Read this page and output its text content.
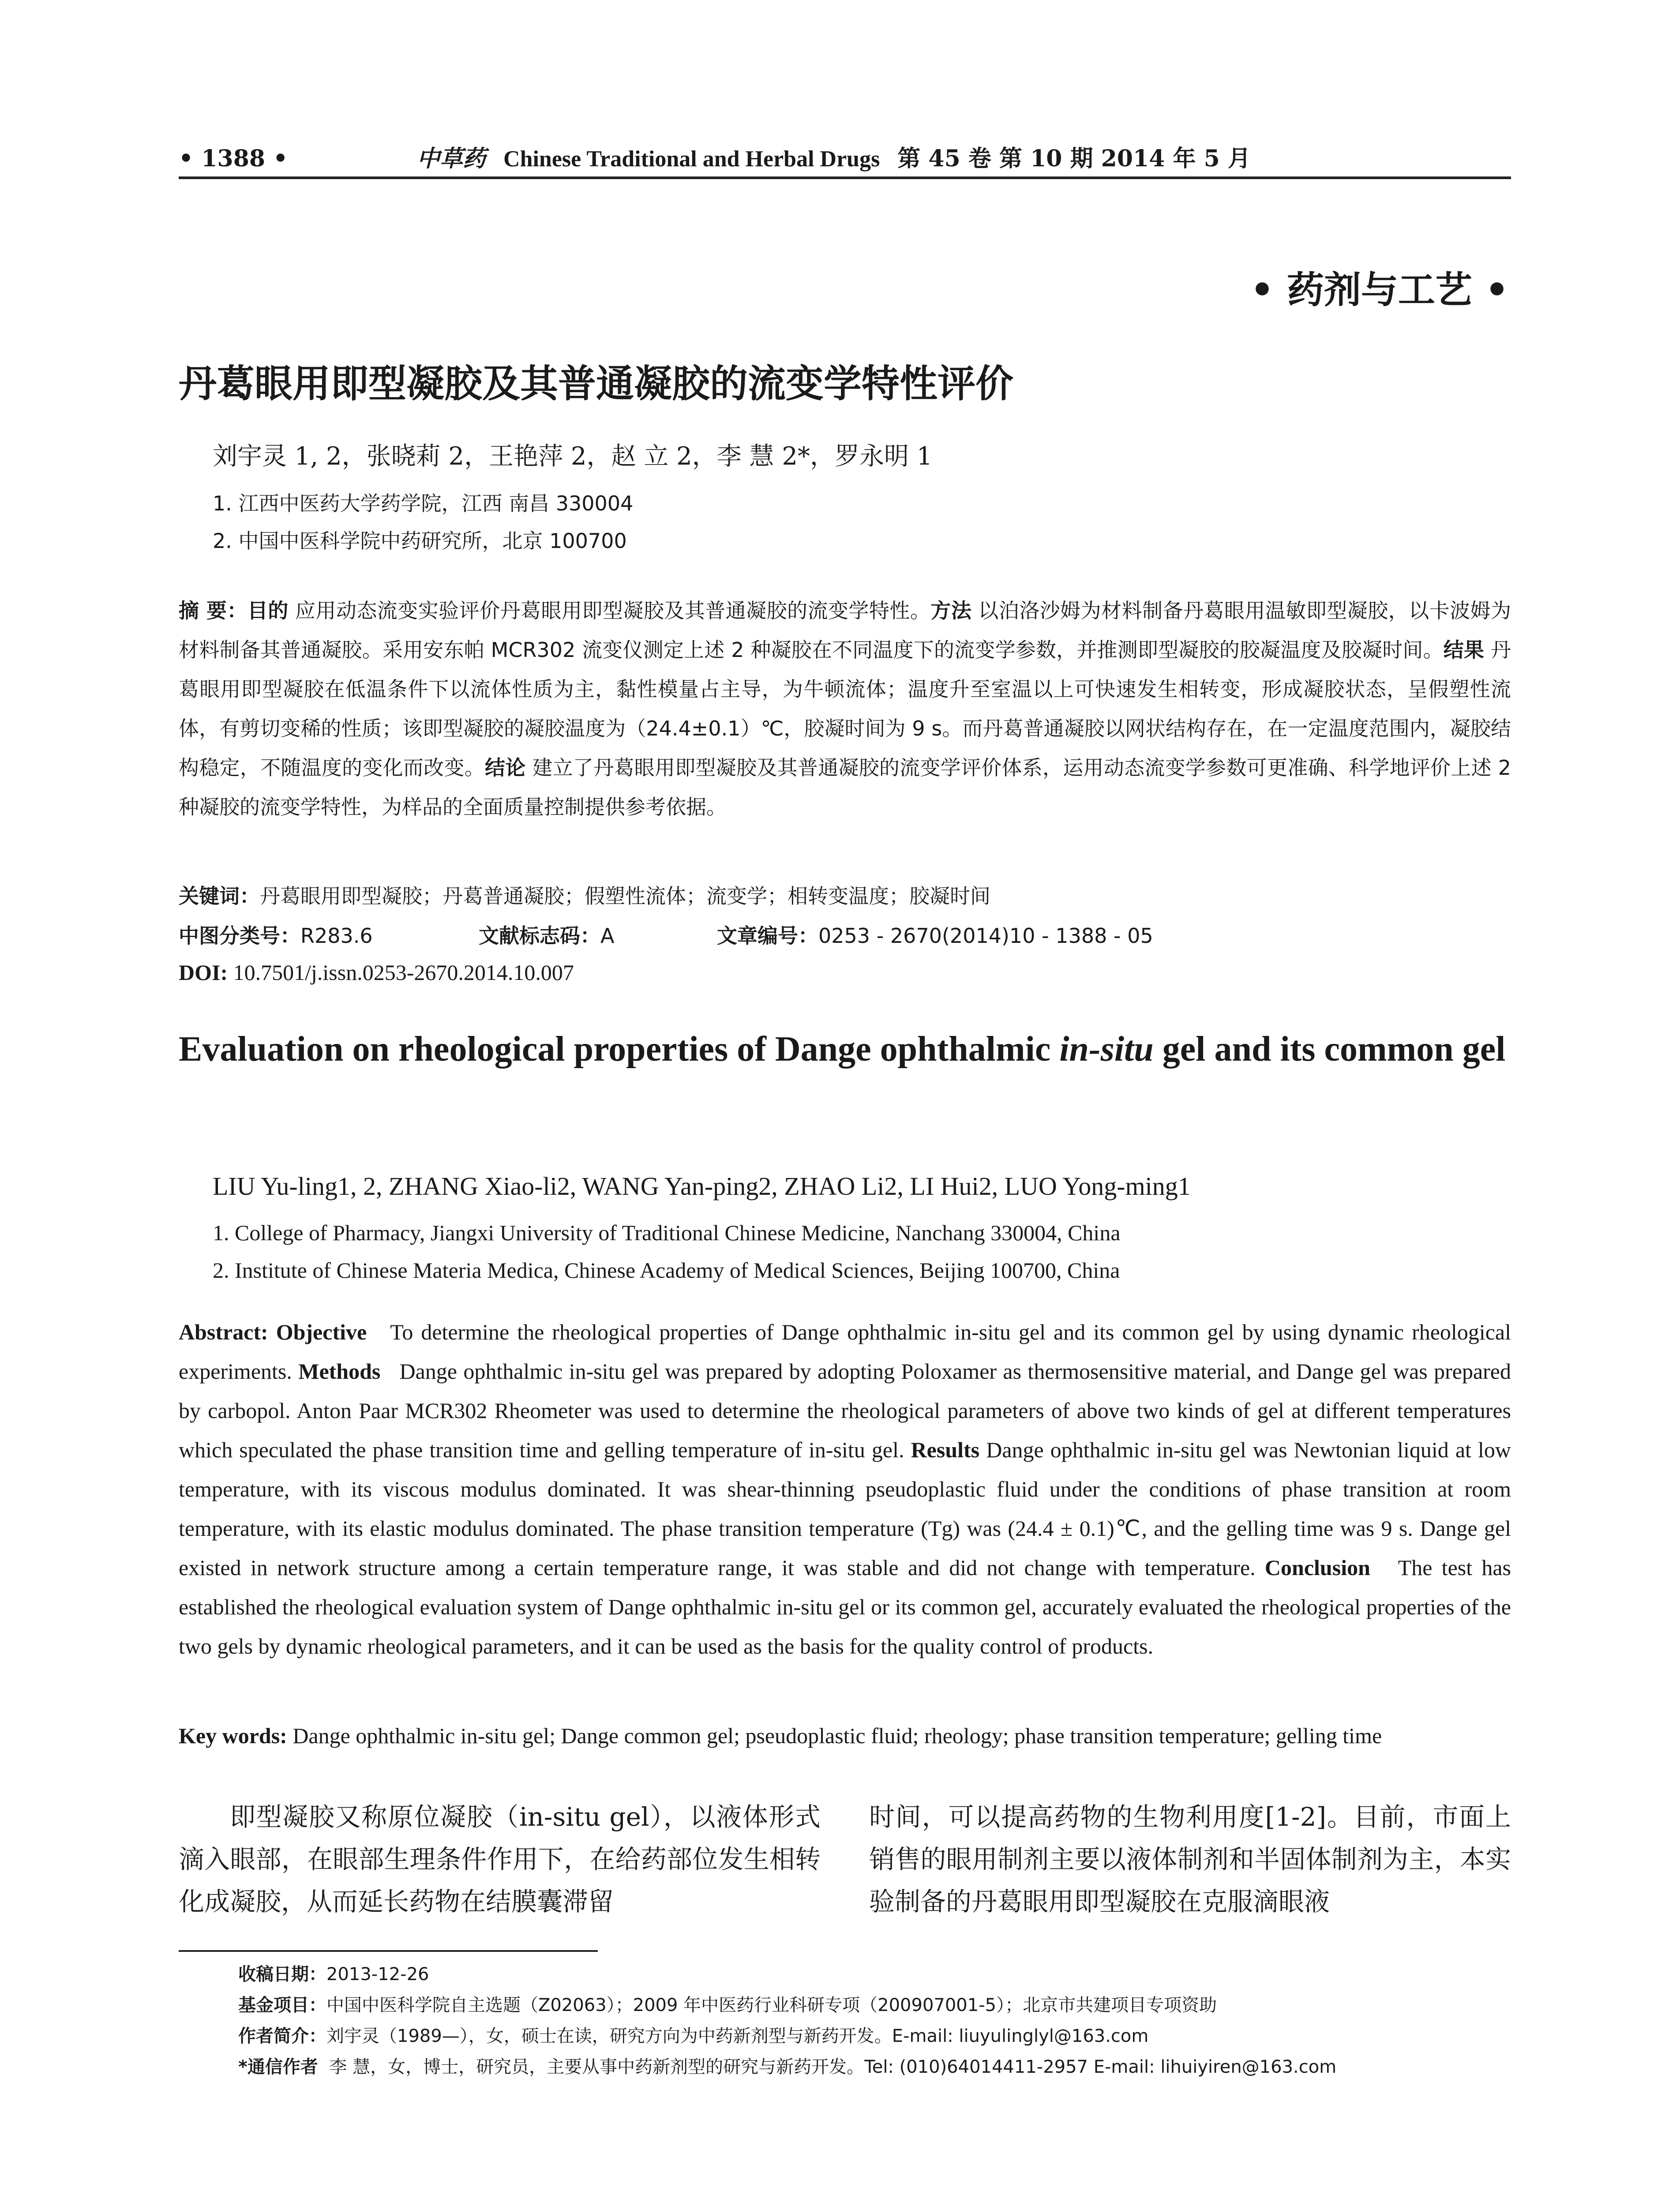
• 1388 •	中草药 Chinese Traditional and Herbal Drugs 第 45 卷 第 10 期 2014 年 5 月
• 药剂与工艺 •
丹葛眼用即型凝胶及其普通凝胶的流变学特性评价
刘宇灵 1, 2，张晓莉 2，王艳萍 2，赵 立 2，李 慧 2*，罗永明 1
1. 江西中医药大学药学院，江西 南昌 330004
2. 中国中医科学院中药研究所，北京 100700

摘 要：目的 应用动态流变实验评价丹葛眼用即型凝胶及其普通凝胶的流变学特性。方法 以泊洛沙姆为材料制备丹葛眼用温敏即型凝胶，以卡波姆为材料制备其普通凝胶。采用安东帕 MCR302 流变仪测定上述 2 种凝胶在不同温度下的流变学参数，并推测即型凝胶的胶凝温度及胶凝时间。结果 丹葛眼用即型凝胶在低温条件下以流体性质为主，黏性模量占主导，为牛顿流体；温度升至室温以上可快速发生相转变，形成凝胶状态，呈假塑性流体，有剪切变稀的性质；该即型凝胶的凝胶温度为（24.4±0.1）℃，胶凝时间为 9 s。而丹葛普通凝胶以网状结构存在，在一定温度范围内，凝胶结构稳定，不随温度的变化而改变。结论 建立了丹葛眼用即型凝胶及其普通凝胶的流变学评价体系，运用动态流变学参数可更准确、科学地评价上述 2 种凝胶的流变学特性，为样品的全面质量控制提供参考依据。

关键词：丹葛眼用即型凝胶；丹葛普通凝胶；假塑性流体；流变学；相转变温度；胶凝时间
中图分类号：R283.6	文献标志码：A	文章编号：0253 - 2670(2014)10 - 1388 - 05
DOI: 10.7501/j.issn.0253-2670.2014.10.007
Evaluation on rheological properties of Dange ophthalmic in-situ gel and its common gel
LIU Yu-ling1, 2, ZHANG Xiao-li2, WANG Yan-ping2, ZHAO Li2, LI Hui2, LUO Yong-ming1
1. College of Pharmacy, Jiangxi University of Traditional Chinese Medicine, Nanchang 330004, China
2. Institute of Chinese Materia Medica, Chinese Academy of Medical Sciences, Beijing 100700, China
Abstract: Objective To determine the rheological properties of Dange ophthalmic in-situ gel and its common gel by using dynamic rheological experiments. Methods Dange ophthalmic in-situ gel was prepared by adopting Poloxamer as thermosensitive material, and Dange gel was prepared by carbopol. Anton Paar MCR302 Rheometer was used to determine the rheological parameters of above two kinds of gel at different temperatures which speculated the phase transition time and gelling temperature of in-situ gel. Results Dange ophthalmic in-situ gel was Newtonian liquid at low temperature, with its viscous modulus dominated. It was shear-thinning pseudoplastic fluid under the conditions of phase transition at room temperature, with its elastic modulus dominated. The phase transition temperature (Tg) was (24.4 ± 0.1)℃, and the gelling time was 9 s. Dange gel existed in network structure among a certain temperature range, it was stable and did not change with temperature. Conclusion The test has established the rheological evaluation system of Dange ophthalmic in-situ gel or its common gel, accurately evaluated the rheological properties of the two gels by dynamic rheological parameters, and it can be used as the basis for the quality control of products.
Key words: Dange ophthalmic in-situ gel; Dange common gel; pseudoplastic fluid; rheology; phase transition temperature; gelling time

即型凝胶又称原位凝胶（in-situ gel），以液体形式滴入眼部，在眼部生理条件作用下，在给药部位发生相转化成凝胶，从而延长药物在结膜囊滞留

时间，可以提高药物的生物利用度[1-2]。目前，市面上销售的眼用制剂主要以液体制剂和半固体制剂为主，本实验制备的丹葛眼用即型凝胶在克服滴眼液

收稿日期：2013-12-26
基金项目：中国中医科学院自主选题（Z02063）；2009 年中医药行业科研专项（200907001-5）；北京市共建项目专项资助
作者简介：刘宇灵（1989—），女，硕士在读，研究方向为中药新剂型与新药开发。E-mail: liuyulinglyl@163.com
*通信作者 李 慧，女，博士，研究员，主要从事中药新剂型的研究与新药开发。Tel: (010)64014411-2957 E-mail: lihuiyiren@163.com
